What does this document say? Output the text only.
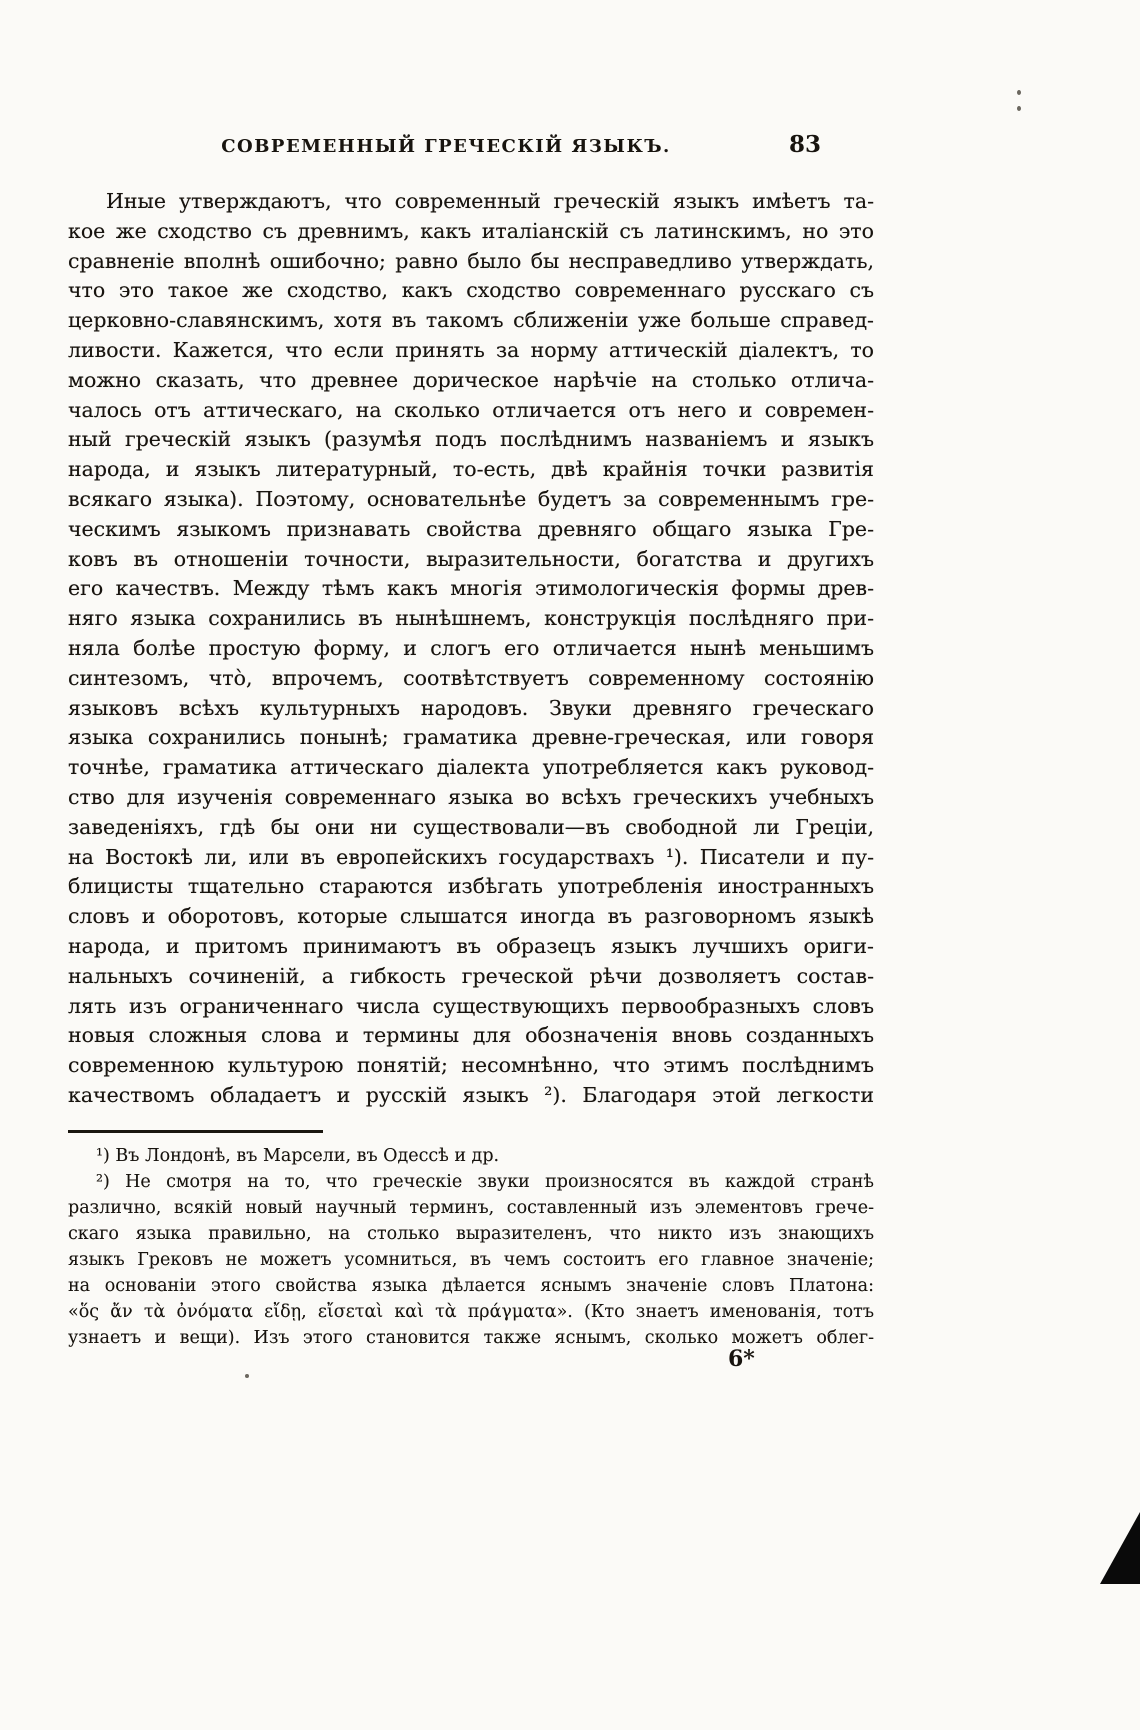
СОВРЕМЕННЫЙ ГРЕЧЕСКІЙ ЯЗЫКЪ.	83
Иные утверждаютъ, что современный греческій языкъ имѣетъ та-
кое же сходство съ древнимъ, какъ италіанскій съ латинскимъ, но это
сравненіе вполнѣ ошибочно; равно было бы несправедливо утверждать,
что это такое же сходство, какъ сходство современнаго русскаго съ
церковно-славянскимъ, хотя въ такомъ сближеніи уже больше справед-
ливости. Кажется, что если принять за норму аттическій діалектъ, то
можно сказать, что древнее дорическое нарѣчіе на столько отлича-
чалось отъ аттическаго, на сколько отличается отъ него и современ-
ный греческій языкъ (разумѣя подъ послѣднимъ названіемъ и языкъ
народа, и языкъ литературный, то-есть, двѣ крайнія точки развитія
всякаго языка). Поэтому, основательнѣе будетъ за современнымъ гре-
ческимъ языкомъ признавать свойства древняго общаго языка Гре-
ковъ въ отношеніи точности, выразительности, богатства и другихъ
его качествъ. Между тѣмъ какъ многія этимологическія формы древ-
няго языка сохранились въ нынѣшнемъ, конструкція послѣдняго при-
няла болѣе простую форму, и слогъ его отличается нынѣ меньшимъ
синтезомъ, что̀, впрочемъ, соотвѣтствуетъ современному состоянію
языковъ всѣхъ культурныхъ народовъ. Звуки древняго греческаго
языка сохранились понынѣ; граматика древне-греческая, или говоря
точнѣе, граматика аттическаго діалекта употребляется какъ руковод-
ство для изученія современнаго языка во всѣхъ греческихъ учебныхъ
заведеніяхъ, гдѣ бы они ни существовали—въ свободной ли Греціи,
на Востокѣ ли, или въ европейскихъ государствахъ ¹). Писатели и пу-
блицисты тщательно стараются избѣгать употребленія иностранныхъ
словъ и оборотовъ, которые слышатся иногда въ разговорномъ языкѣ
народа, и притомъ принимаютъ въ образецъ языкъ лучшихъ ориги-
нальныхъ сочиненій, а гибкость греческой рѣчи дозволяетъ состав-
лять изъ ограниченнаго числа существующихъ первообразныхъ словъ
новыя сложныя слова и термины для обозначенія вновь созданныхъ
современною культурою понятій; несомнѣнно, что этимъ послѣднимъ
качествомъ обладаетъ и русскій языкъ ²). Благодаря этой легкости
¹) Въ Лондонѣ, въ Марсели, въ Одессѣ и др.
²) Не смотря на то, что греческіе звуки произносятся въ каждой странѣ
различно, всякій новый научный терминъ, составленный изъ элементовъ грече-
скаго языка правильно, на столько выразителенъ, что никто изъ знающихъ
языкъ Грековъ не можетъ усомниться, въ чемъ состоитъ его главное значеніе;
на основаніи этого свойства языка дѣлается яснымъ значеніе словъ Платона:
«ὅς ἄν τὰ ὀνόματα εἴδῃ, εἴσεταὶ καὶ τὰ πράγματα». (Кто знаетъ именованія, тотъ
узнаетъ и вещи). Изъ этого становится также яснымъ, сколько можетъ облег-
6*
